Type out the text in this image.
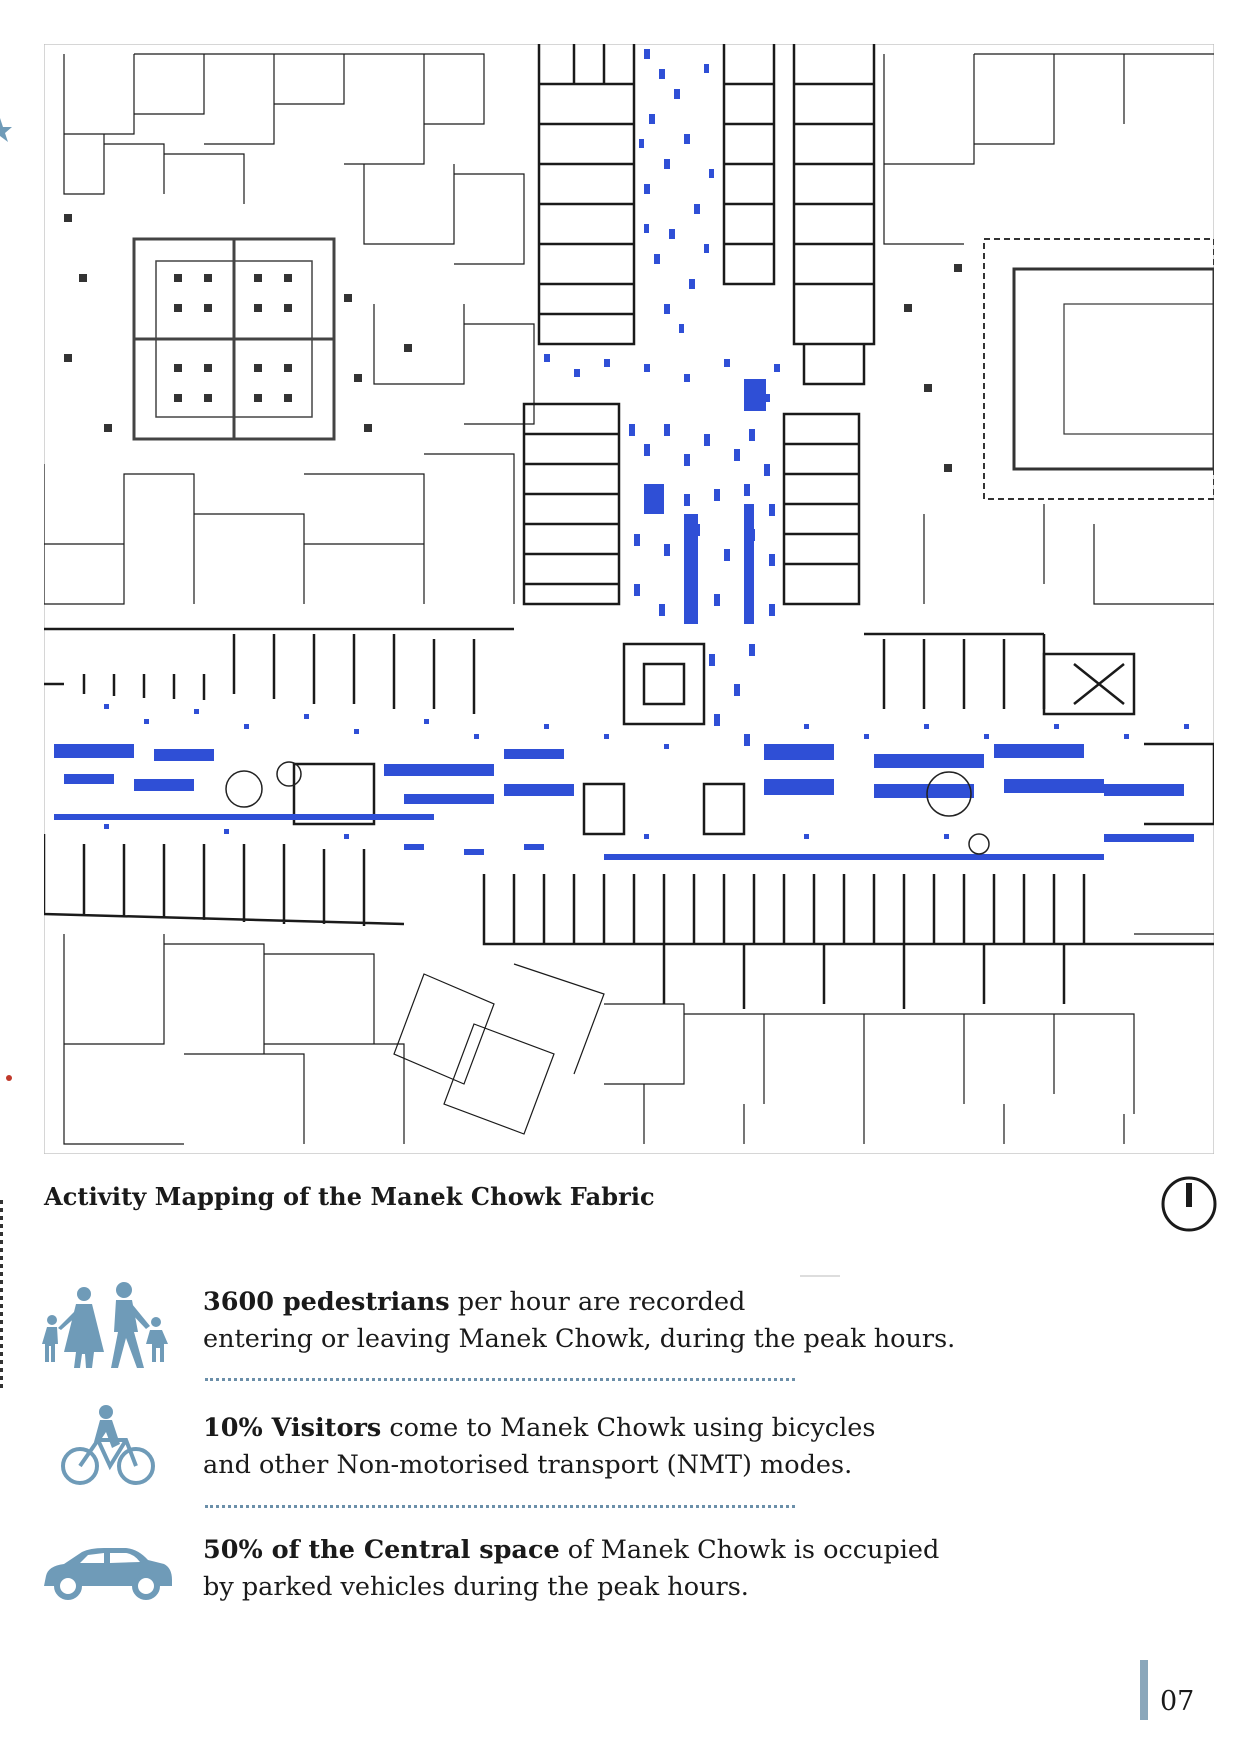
Activity Mapping of the Manek Chowk Fabric
3600 pedestrians per hour are recorded
entering or leaving Manek Chowk, during the peak hours.
10% Visitors come to Manek Chowk using bicycles
and other Non-motorised transport (NMT) modes.
50% of the Central space of Manek Chowk is occupied
by parked vehicles during the peak hours.
07
